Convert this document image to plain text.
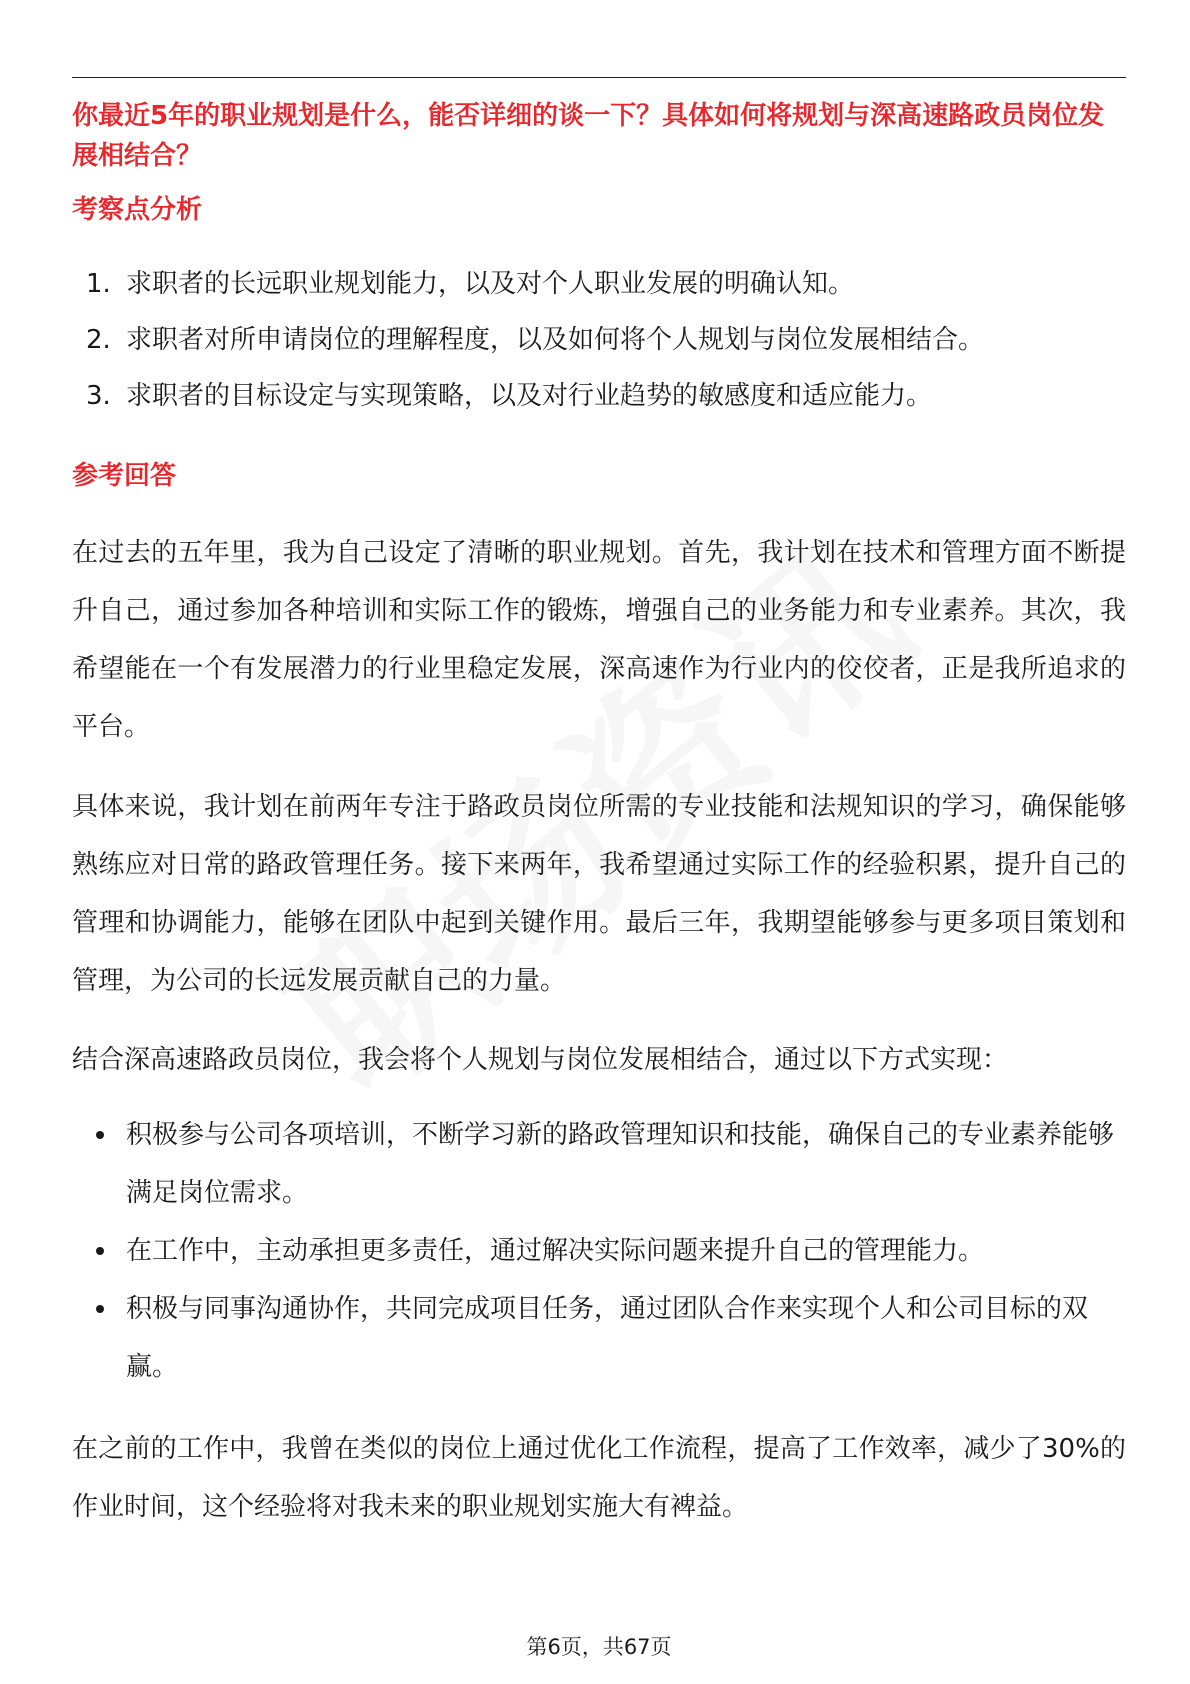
你最近5年的职业规划是什么，能否详细的谈一下？具体如何将规划与深高速路政员岗位发展相结合？
考察点分析
1. 求职者的长远职业规划能力，以及对个人职业发展的明确认知。
2. 求职者对所申请岗位的理解程度，以及如何将个人规划与岗位发展相结合。
3. 求职者的目标设定与实现策略，以及对行业趋势的敏感度和适应能力。
参考回答

在过去的五年里，我为自己设定了清晰的职业规划。首先，我计划在技术和管理方面不断提升自己，通过参加各种培训和实际工作的锻炼，增强自己的业务能力和专业素养。其次，我希望能在一个有发展潜力的行业里稳定发展，深高速作为行业内的佼佼者，正是我所追求的平台。

具体来说，我计划在前两年专注于路政员岗位所需的专业技能和法规知识的学习，确保能够熟练应对日常的路政管理任务。接下来两年，我希望通过实际工作的经验积累，提升自己的管理和协调能力，能够在团队中起到关键作用。最后三年，我期望能够参与更多项目策划和管理，为公司的长远发展贡献自己的力量。

结合深高速路政员岗位，我会将个人规划与岗位发展相结合，通过以下方式实现：

积极参与公司各项培训，不断学习新的路政管理知识和技能，确保自己的专业素养能够满足岗位需求。
在工作中，主动承担更多责任，通过解决实际问题来提升自己的管理能力。
积极与同事沟通协作，共同完成项目任务，通过团队合作来实现个人和公司目标的双赢。

在之前的工作中，我曾在类似的岗位上通过优化工作流程，提高了工作效率，减少了30%的作业时间，这个经验将对我未来的职业规划实施大有裨益。

第6页，共67页
